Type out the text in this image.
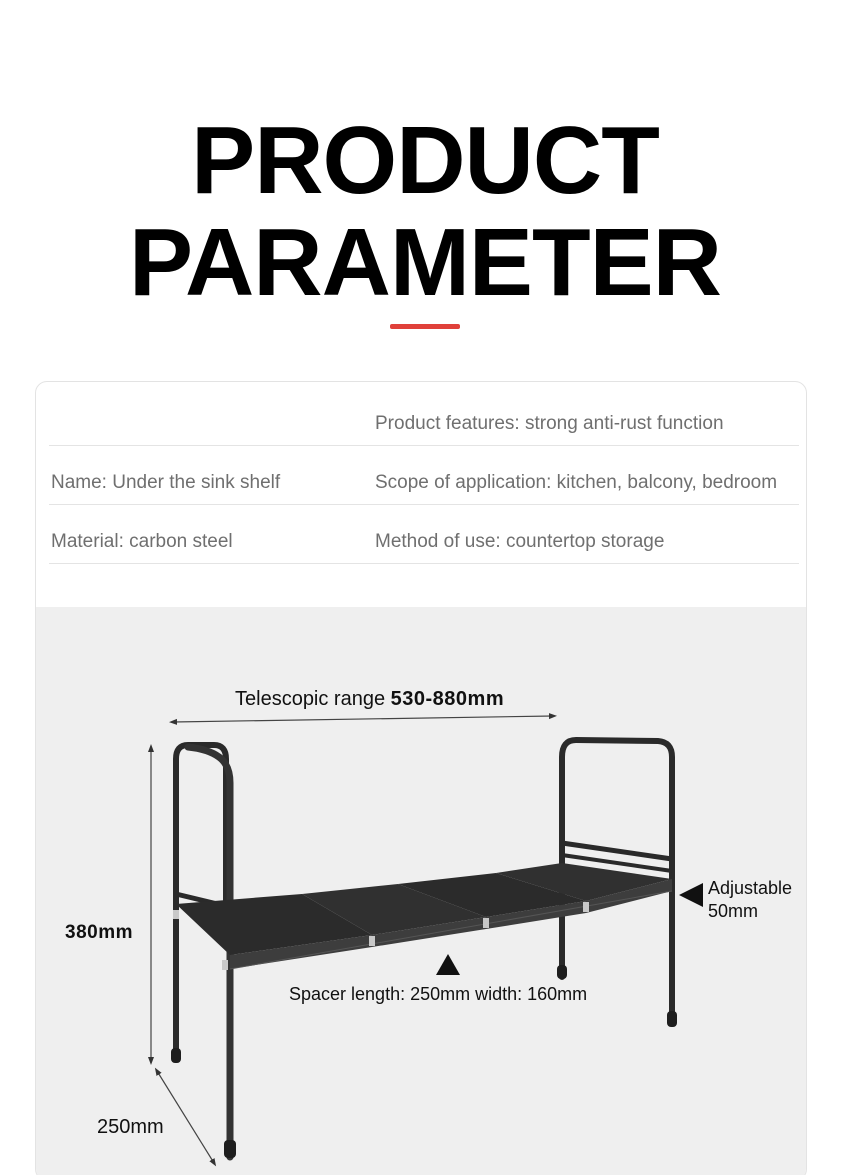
PRODUCT
PARAMETER
Product features: strong anti-rust function
Name: Under the sink shelf	Scope of application: kitchen, balcony, bedroom
Material: carbon steel	Method of use: countertop storage
Telescopic range 530-880mm
380mm
250mm
Adjustable
50mm
Spacer length: 250mm width: 160mm
